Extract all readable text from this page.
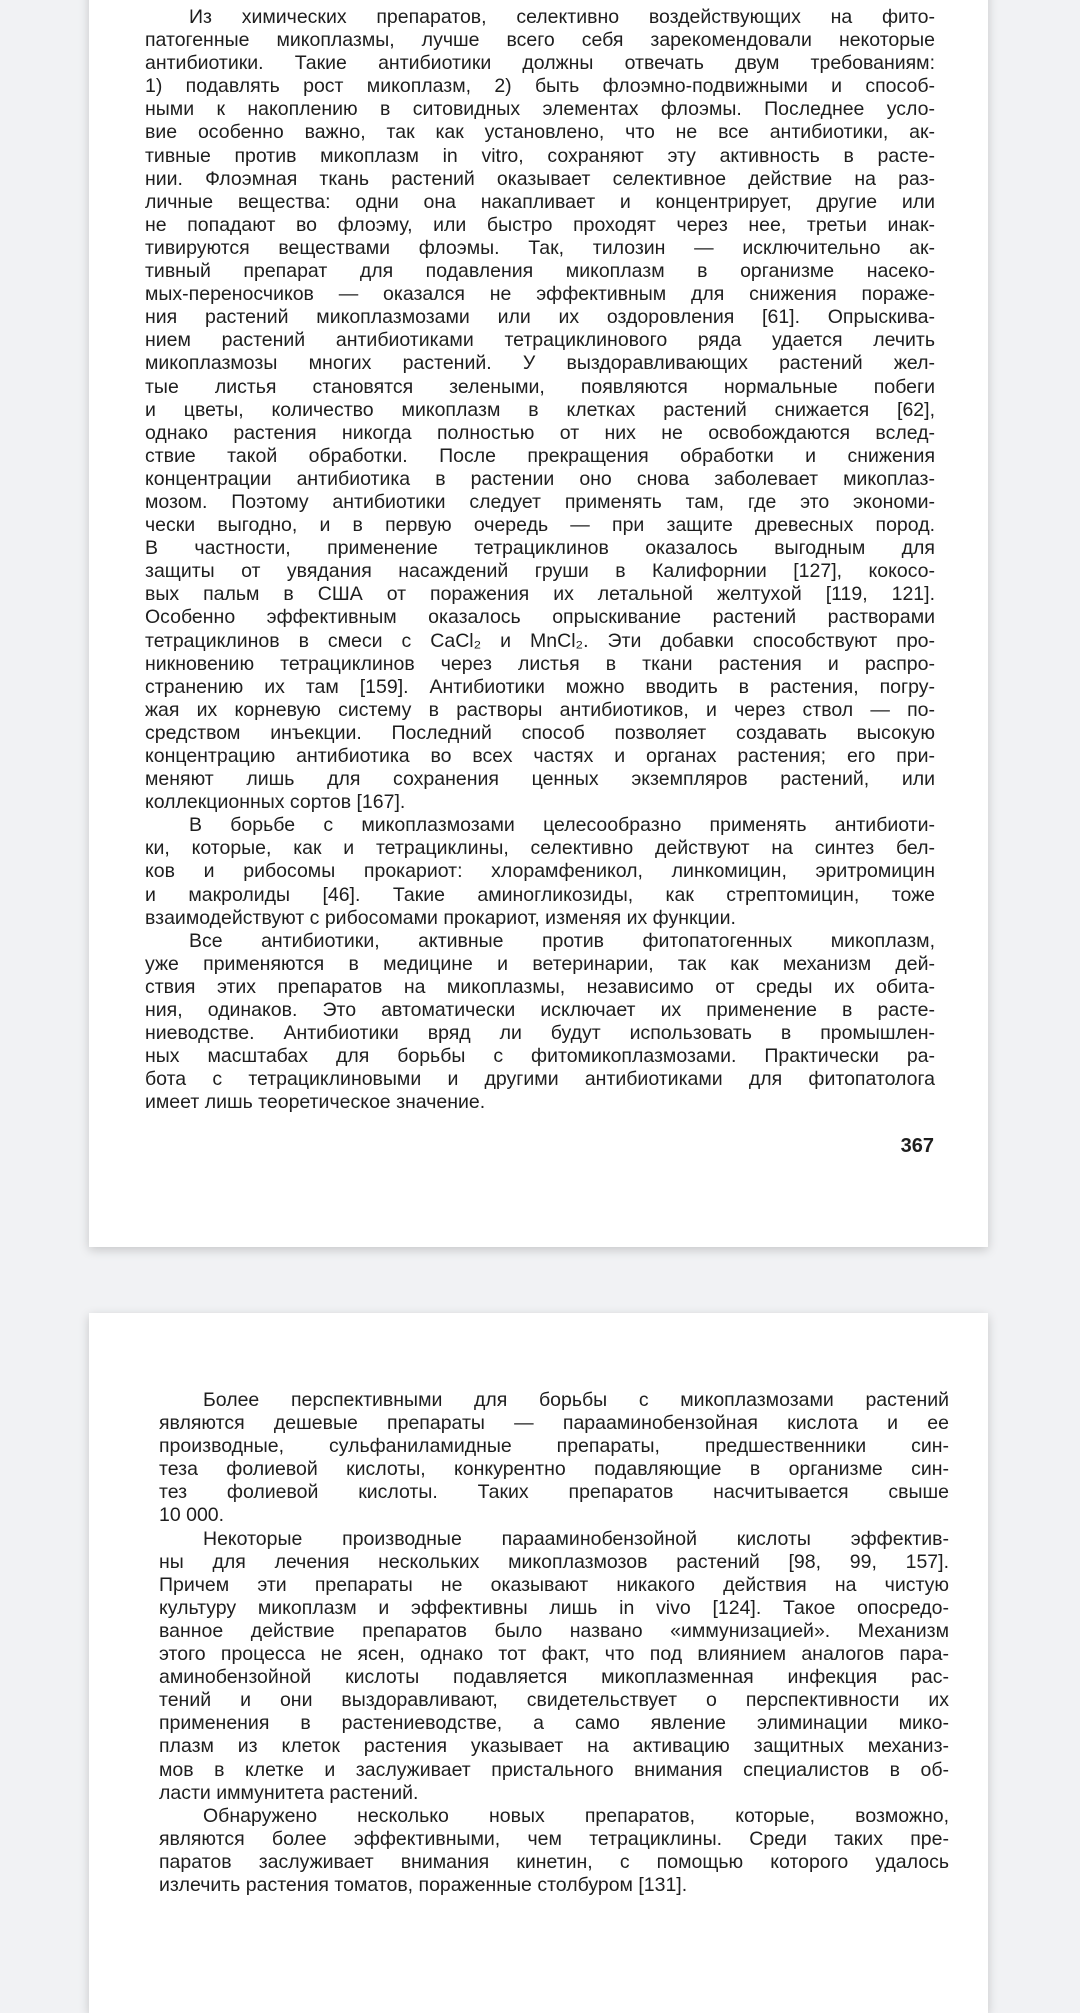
Из химических препаратов, селективно воздействующих на фито-
патогенные микоплазмы, лучше всего себя зарекомендовали некоторые
антибиотики. Такие антибиотики должны отвечать двум требованиям:
1) подавлять рост микоплазм, 2) быть флоэмно-подвижными и способ-
ными к накоплению в ситовидных элементах флоэмы. Последнее усло-
вие особенно важно, так как установлено, что не все антибиотики, ак-
тивные против микоплазм in vitro, сохраняют эту активность в расте-
нии. Флоэмная ткань растений оказывает селективное действие на раз-
личные вещества: одни она накапливает и концентрирует, другие или
не попадают во флоэму, или быстро проходят через нее, третьи инак-
тивируются веществами флоэмы. Так, тилозин — исключительно ак-
тивный препарат для подавления микоплазм в организме насеко-
мых-переносчиков — оказался не эффективным для снижения пораже-
ния растений микоплазмозами или их оздоровления [61]. Опрыскива-
нием растений антибиотиками тетрациклинового ряда удается лечить
микоплазмозы многих растений. У выздоравливающих растений жел-
тые листья становятся зелеными, появляются нормальные побеги
и цветы, количество микоплазм в клетках растений снижается [62],
однако растения никогда полностью от них не освобождаются вслед-
ствие такой обработки. После прекращения обработки и снижения
концентрации антибиотика в растении оно снова заболевает микоплаз-
мозом. Поэтому антибиотики следует применять там, где это экономи-
чески выгодно, и в первую очередь — при защите древесных пород.
В частности, применение тетрациклинов оказалось выгодным для
защиты от увядания насаждений груши в Калифорнии [127], кокосо-
вых пальм в США от поражения их летальной желтухой [119, 121].
Особенно эффективным оказалось опрыскивание растений растворами
тетрациклинов в смеси с CaCl₂ и MnCl₂. Эти добавки способствуют про-
никновению тетрациклинов через листья в ткани растения и распро-
странению их там [159]. Антибиотики можно вводить в растения, погру-
жая их корневую систему в растворы антибиотиков, и через ствол — по-
средством инъекции. Последний способ позволяет создавать высокую
концентрацию антибиотика во всех частях и органах растения; его при-
меняют лишь для сохранения ценных экземпляров растений, или
коллекционных сортов [167].
В борьбе с микоплазмозами целесообразно применять антибиоти-
ки, которые, как и тетрациклины, селективно действуют на синтез бел-
ков и рибосомы прокариот: хлорамфеникол, линкомицин, эритромицин
и макролиды [46]. Такие аминогликозиды, как стрептомицин, тоже
взаимодействуют с рибосомами прокариот, изменяя их функции.
Все антибиотики, активные против фитопатогенных микоплазм,
уже применяются в медицине и ветеринарии, так как механизм дей-
ствия этих препаратов на микоплазмы, независимо от среды их обита-
ния, одинаков. Это автоматически исключает их применение в расте-
ниеводстве. Антибиотики вряд ли будут использовать в промышлен-
ных масштабах для борьбы с фитомикоплазмозами. Практически ра-
бота с тетрациклиновыми и другими антибиотиками для фитопатолога
имеет лишь теоретическое значение.
367
Более перспективными для борьбы с микоплазмозами растений
являются дешевые препараты — парааминобензойная кислота и ее
производные, сульфаниламидные препараты, предшественники син-
теза фолиевой кислоты, конкурентно подавляющие в организме син-
тез фолиевой кислоты. Таких препаратов насчитывается свыше
10 000.
Некоторые производные парааминобензойной кислоты эффектив-
ны для лечения нескольких микоплазмозов растений [98, 99, 157].
Причем эти препараты не оказывают никакого действия на чистую
культуру микоплазм и эффективны лишь in vivo [124]. Такое опосредо-
ванное действие препаратов было названо «иммунизацией». Механизм
этого процесса не ясен, однако тот факт, что под влиянием аналогов пара-
аминобензойной кислоты подавляется микоплазменная инфекция рас-
тений и они выздоравливают, свидетельствует о перспективности их
применения в растениеводстве, а само явление элиминации мико-
плазм из клеток растения указывает на активацию защитных механиз-
мов в клетке и заслуживает пристального внимания специалистов в об-
ласти иммунитета растений.
Обнаружено несколько новых препаратов, которые, возможно,
являются более эффективными, чем тетрациклины. Среди таких пре-
паратов заслуживает внимания кинетин, с помощью которого удалось
излечить растения томатов, пораженные столбуром [131].
